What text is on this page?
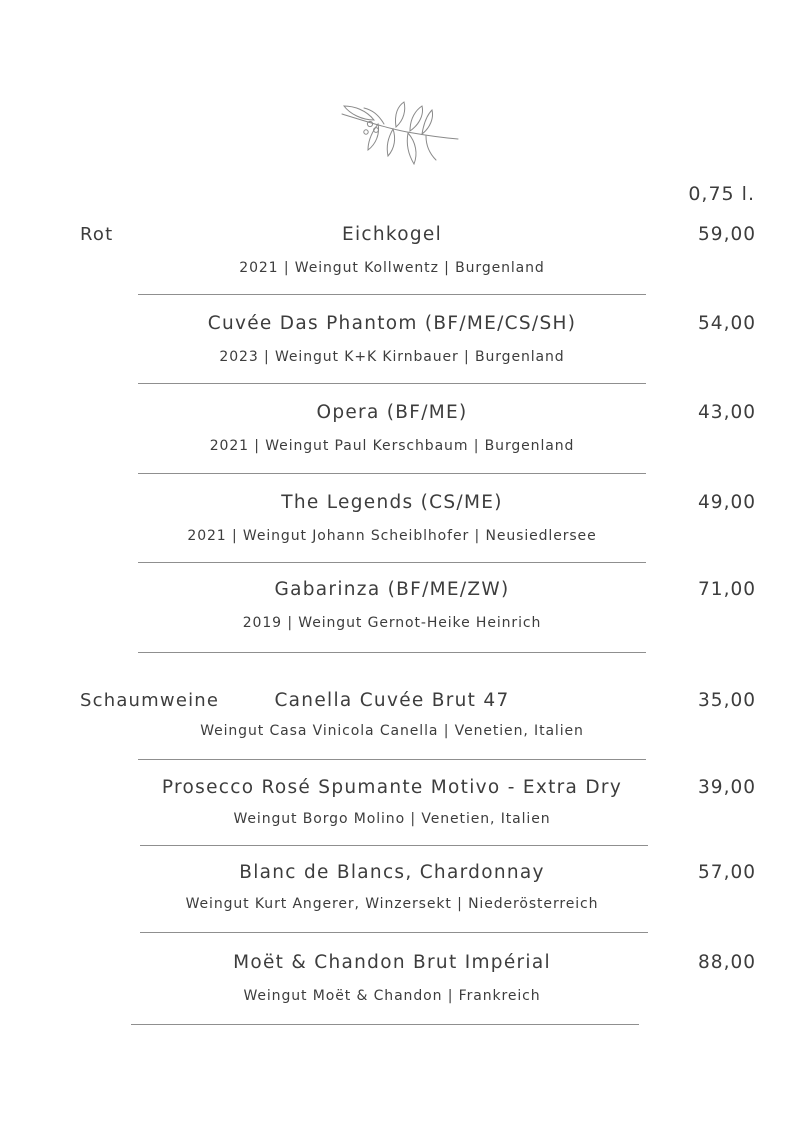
0,75 l.
Rot	Eichkogel
2021 | Weingut Kollwentz | Burgenland
59,00
Cuvée Das Phantom (BF/ME/CS/SH)
2023 | Weingut K+K Kirnbauer | Burgenland
54,00
Opera (BF/ME)
2021 | Weingut Paul Kerschbaum | Burgenland
43,00
The Legends (CS/ME)
2021 | Weingut Johann Scheiblhofer | Neusiedlersee
49,00
Gabarinza (BF/ME/ZW)
2019 | Weingut Gernot-Heike Heinrich
71,00
Schaumweine	Canella Cuvée Brut 47
Weingut Casa Vinicola Canella | Venetien, Italien
35,00
Prosecco Rosé Spumante Motivo - Extra Dry
Weingut Borgo Molino | Venetien, Italien
39,00
Blanc de Blancs, Chardonnay
Weingut Kurt Angerer, Winzersekt | Niederösterreich
57,00
Moët & Chandon Brut Impérial
Weingut Moët & Chandon | Frankreich
88,00
